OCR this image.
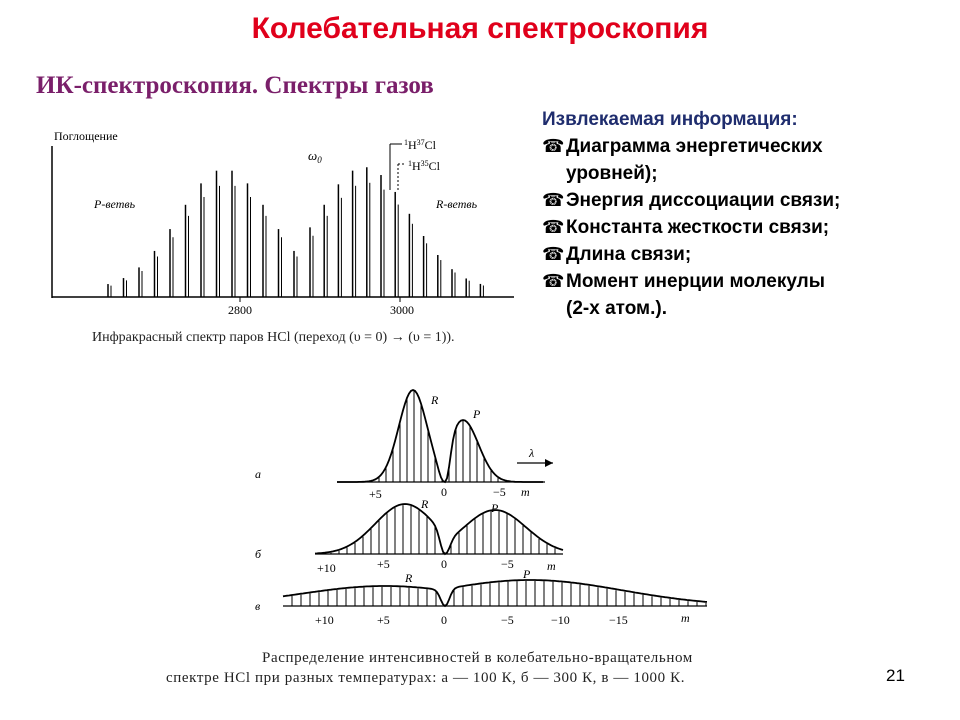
Колебательная спектроскопия
ИК-спектроскопия. Спектры газов
Извлекаемая информация:
☎ Диаграмма энергетических
уровней);
☎ Энергия диссоциации связи;
☎ Константа жесткости связи;
☎ Длина связи;
☎ Момент инерции молекулы
(2-х атом.).
Поглощение
$\omega_0$
P-ветвь	R-ветвь
$^1H^{37}Cl$
$^1H^{35}Cl$
2800	3000
Инфракрасный спектр паров HCl (переход (υ = 0) → (υ = 1)).
а
λ
R
P
+5	0	−5 m
б
R	P
+10	+5	0	−5	m
в
R	P
+10	+5	0	−5	−10	−15	m
Распределение интенсивностей в колебательно-вращательном
спектре HCl при разных температурах: а — 100 К, б — 300 К, в — 1000 К.	21
